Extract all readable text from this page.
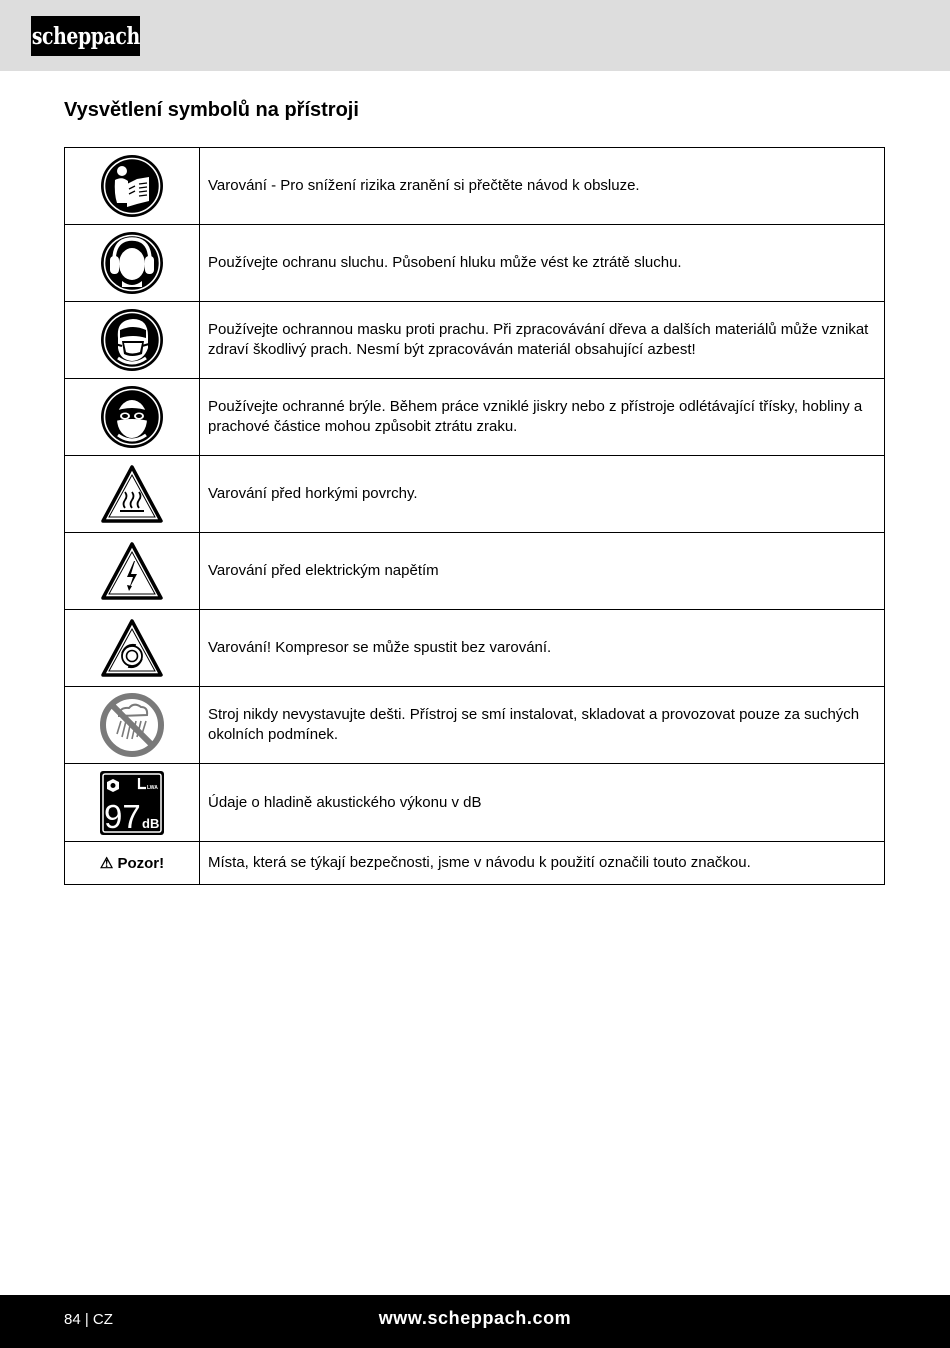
scheppach
Vysvětlení symbolů na přístroji
	Varování - Pro snížení rizika zranění si přečtěte návod k obsluze.

	Používejte ochranu sluchu. Působení hluku může vést ke ztrátě sluchu.

	Používejte ochrannou masku proti prachu. Při zpracovávání dřeva a dalších materiálů může vznikat zdraví škodlivý prach. Nesmí být zpracováván materiál obsahující azbest!

	Používejte ochranné brýle. Během práce vzniklé jiskry nebo z přístroje odlétávající třísky, hobliny a prachové částice mohou způsobit ztrátu zraku.

	Varování před horkými povrchy.

	Varování před elektrickým napětím

	Varování! Kompresor se může spustit bez varování.

	Stroj nikdy nevystavujte dešti. Přístroj se smí instalovat, skladovat a provozovat pouze za suchých okolních podmínek.

LWA
97 dB	Údaje o hladině akustického výkonu v dB
⚠ Pozor!	Místa, která se týkají bezpečnosti, jsme v návodu k použití označili touto značkou.
84 | CZ	www.scheppach.com
